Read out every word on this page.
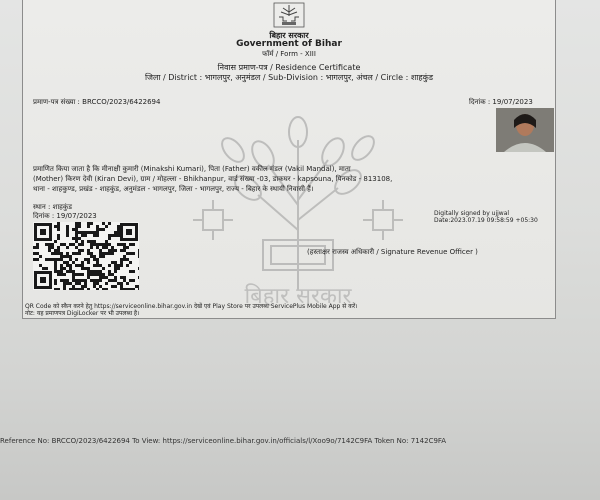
बिहार सरकार
Government of Bihar
फॉर्म / Form - XIII
निवास प्रमाण-पत्र / Residence Certificate
जिला / District : भागलपुर, अनुमंडल / Sub-Division : भागलपुर, अंचल / Circle : शाहकुंड
बिहार सरकार
प्रमाण-पत्र संख्या : BRCCO/2023/6422694	दिनांक : 19/07/2023
प्रमाणित किया जाता है कि मीनाक्षी कुमारी (Minakshi Kumari), पिता (Father) वकील मंडल (Vakil Mandal), माता
(Mother) किरण देवी (Kiran Devi), ग्राम / मोहल्ला - Bhikhanpur, वार्ड संख्या -03, डाकघर - kapsouna, पिनकोड - 813108,
थाना - शाहकुण्ड, प्रखंड - शाहकुंड, अनुमंडल - भागलपुर, जिला - भागलपुर, राज्य - बिहार के स्थायी निवासी हैं।
स्थान : शाहकुंड
दिनांक : 19/07/2023	Digitally signed by ujjwal
Date:2023.07.19 09:58:59 +05:30
(हस्ताक्षर राजस्व अधिकारी / Signature Revenue Officer )
QR Code को स्कैन करने हेतु https://serviceonline.bihar.gov.in देखें एवं Play Store पर उपलब्ध ServicePlus Mobile App से करें।
नोट: यह प्रमाणपत्र DigiLocker पर भी उपलब्ध है।
Reference No: BRCCO/2023/6422694 To View: https://serviceonline.bihar.gov.in/officials/l/Xoo9o/7142C9FA Token No: 7142C9FA
